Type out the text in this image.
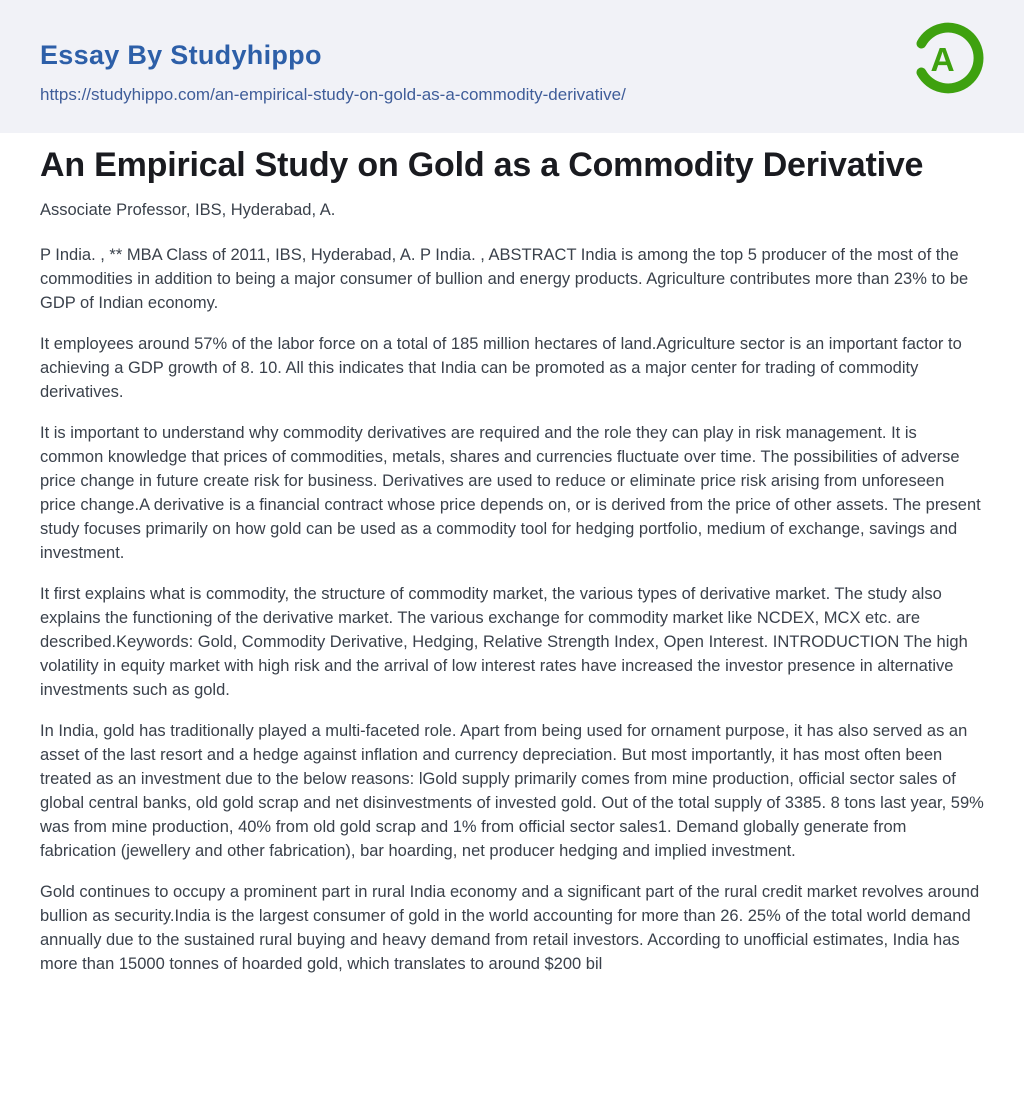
Essay By Studyhippo
https://studyhippo.com/an-empirical-study-on-gold-as-a-commodity-derivative/
A
An Empirical Study on Gold as a Commodity Derivative

Associate Professor, IBS, Hyderabad, A.

P India. , ** MBA Class of 2011, IBS, Hyderabad, A. P India. , ABSTRACT India is among the top 5 producer of the most of the commodities in addition to being a major consumer of bullion and energy products. Agriculture contributes more than 23% to be GDP of Indian economy.

It employees around 57% of the labor force on a total of 185 million hectares of land.Agriculture sector is an important factor to achieving a GDP growth of 8. 10. All this indicates that India can be promoted as a major center for trading of commodity derivatives.

It is important to understand why commodity derivatives are required and the role they can play in risk management. It is common knowledge that prices of commodities, metals, shares and currencies fluctuate over time. The possibilities of adverse price change in future create risk for business. Derivatives are used to reduce or eliminate price risk arising from unforeseen price change.A derivative is a financial contract whose price depends on, or is derived from the price of other assets. The present study focuses primarily on how gold can be used as a commodity tool for hedging portfolio, medium of exchange, savings and investment.

It first explains what is commodity, the structure of commodity market, the various types of derivative market. The study also explains the functioning of the derivative market. The various exchange for commodity market like NCDEX, MCX etc. are described.Keywords: Gold, Commodity Derivative, Hedging, Relative Strength Index, Open Interest. INTRODUCTION The high volatility in equity market with high risk and the arrival of low interest rates have increased the investor presence in alternative investments such as gold.

In India, gold has traditionally played a multi-faceted role. Apart from being used for ornament purpose, it has also served as an asset of the last resort and a hedge against inflation and currency depreciation. But most importantly, it has most often been treated as an investment due to the below reasons: lGold supply primarily comes from mine production, official sector sales of global central banks, old gold scrap and net disinvestments of invested gold. Out of the total supply of 3385. 8 tons last year, 59% was from mine production, 40% from old gold scrap and 1% from official sector sales1. Demand globally generate from fabrication (jewellery and other fabrication), bar hoarding, net producer hedging and implied investment.

Gold continues to occupy a prominent part in rural India economy and a significant part of the rural credit market revolves around bullion as security.India is the largest consumer of gold in the world accounting for more than 26. 25% of the total world demand annually due to the sustained rural buying and heavy demand from retail investors. According to unofficial estimates, India has more than 15000 tonnes of hoarded gold, which translates to around $200 bil
